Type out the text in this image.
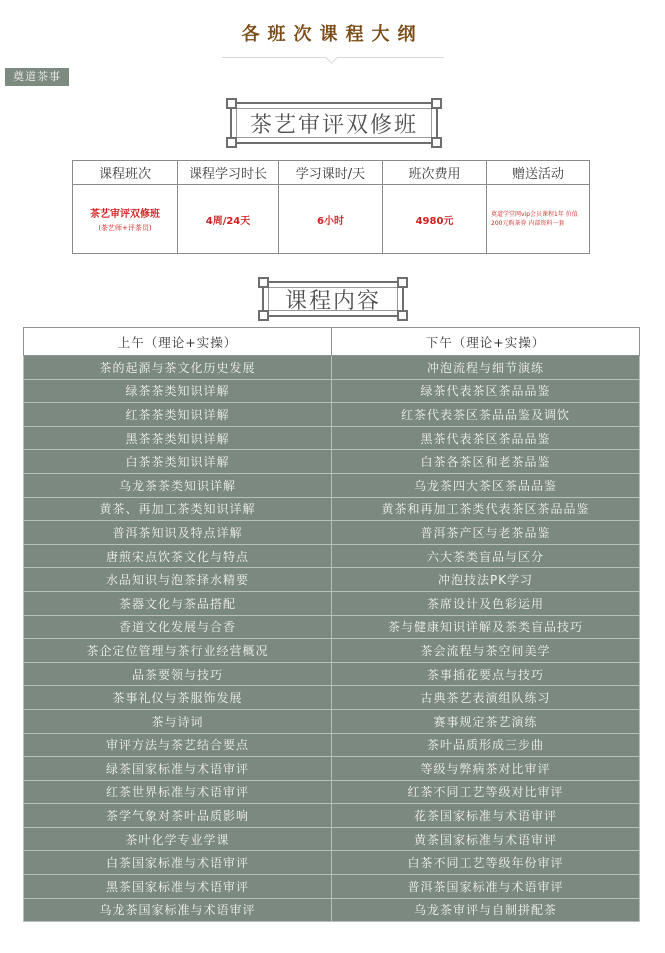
各班次课程大纲
奠道茶事
茶艺审评双修班
课程班次	课程学习时长	学习课时/天	班次费用	赠送活动
茶艺审评双修班
(茶艺师+评茶员)	4周/24天	6小时	4980元	奠道学堂网vip会员课程1年 价值200元购茶券 内部资料一套
课程内容
上午（理论+实操）	下午（理论+实操）
茶的起源与茶文化历史发展	冲泡流程与细节演练
绿茶茶类知识详解	绿茶代表茶区茶品品鉴
红茶茶类知识详解	红茶代表茶区茶品品鉴及调饮
黑茶茶类知识详解	黑茶代表茶区茶品品鉴
白茶茶类知识详解	白茶各茶区和老茶品鉴
乌龙茶茶类知识详解	乌龙茶四大茶区茶品品鉴
黄茶、再加工茶类知识详解	黄茶和再加工茶类代表茶区茶品品鉴
普洱茶知识及特点详解	普洱茶产区与老茶品鉴
唐煎宋点饮茶文化与特点	六大茶类盲品与区分
水品知识与泡茶择水精要	冲泡技法PK学习
茶器文化与茶品搭配	茶席设计及色彩运用
香道文化发展与合香	茶与健康知识详解及茶类盲品技巧
茶企定位管理与茶行业经营概况	茶会流程与茶空间美学
品茶要领与技巧	茶事插花要点与技巧
茶事礼仪与茶服饰发展	古典茶艺表演组队练习
茶与诗词	赛事规定茶艺演练
审评方法与茶艺结合要点	茶叶品质形成三步曲
绿茶国家标准与术语审评	等级与弊病茶对比审评
红茶世界标准与术语审评	红茶不同工艺等级对比审评
茶学气象对茶叶品质影响	花茶国家标准与术语审评
茶叶化学专业学课	黄茶国家标准与术语审评
白茶国家标准与术语审评	白茶不同工艺等级年份审评
黑茶国家标准与术语审评	普洱茶国家标准与术语审评
乌龙茶国家标准与术语审评	乌龙茶审评与自制拼配茶
